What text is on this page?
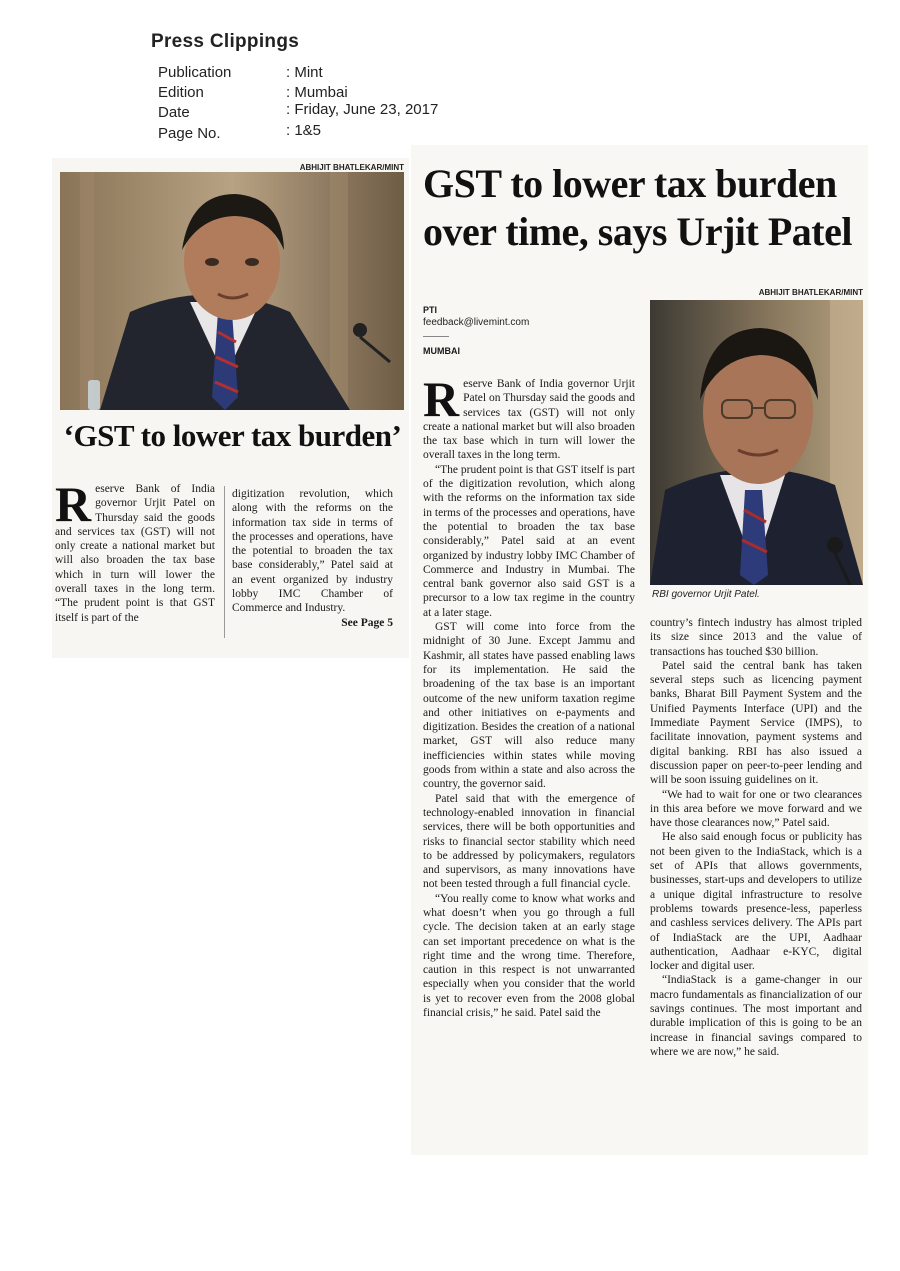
Press Clippings
Publication	: Mint
Edition	: Mumbai
Date	: Friday, June 23, 2017
Page No.	: 1&5
ABHIJIT BHATLEKAR/MINT
‘GST to lower tax burden’
R eserve Bank of India governor Urjit Patel on Thursday said the goods and services tax (GST) will not only create a national market but will also broaden the tax base which in turn will lower the overall taxes in the long term. “The prudent point is that GST itself is part of the
digitization revolution, which along with the reforms on the information tax side in terms of the processes and operations, have the potential to broaden the tax base considerably,” Patel said at an event organized by industry lobby IMC Chamber of Commerce and Industry.
See Page 5
GST to lower tax burden over time, says Urjit Patel
ABHIJIT BHATLEKAR/MINT
PTI
feedback@livemint.com
MUMBAI

Reserve Bank of India governor Urjit Patel on Thursday said the goods and services tax (GST) will not only create a national market but will also broaden the tax base which in turn will lower the overall taxes in the long term.

“The prudent point is that GST itself is part of the digitization revolution, which along with the reforms on the information tax side in terms of the processes and operations, have the potential to broaden the tax base considerably,” Patel said at an event organized by industry lobby IMC Chamber of Commerce and Industry in Mumbai. The central bank governor also said GST is a precursor to a low tax regime in the country at a later stage.

GST will come into force from the midnight of 30 June. Except Jammu and Kashmir, all states have passed enabling laws for its implementation. He said the broadening of the tax base is an important outcome of the new uniform taxation regime and other initiatives on e-payments and digitization. Besides the creation of a national market, GST will also reduce many inefficiencies within states while moving goods from within a state and also across the country, the governor said.

Patel said that with the emergence of technology-enabled innovation in financial services, there will be both opportunities and risks to financial sector stability which need to be addressed by policymakers, regulators and supervisors, as many innovations have not been tested through a full financial cycle.

“You really come to know what works and what doesn’t when you go through a full cycle. The decision taken at an early stage can set important precedence on what is the right time and the wrong time. Therefore, caution in this respect is not unwarranted especially when you consider that the world is yet to recover even from the 2008 global financial crisis,” he said. Patel said the

RBI governor Urjit Patel.

country’s fintech industry has almost tripled its size since 2013 and the value of transactions has touched $30 billion.

Patel said the central bank has taken several steps such as licencing payment banks, Bharat Bill Payment System and the Unified Payments Interface (UPI) and the Immediate Payment Service (IMPS), to facilitate innovation, payment systems and digital banking. RBI has also issued a discussion paper on peer-to-peer lending and will be soon issuing guidelines on it.

“We had to wait for one or two clearances in this area before we move forward and we have those clearances now,” Patel said.

He also said enough focus or publicity has not been given to the IndiaStack, which is a set of APIs that allows governments, businesses, start-ups and developers to utilize a unique digital infrastructure to resolve problems towards presence-less, paperless and cashless services delivery. The APIs part of IndiaStack are the UPI, Aadhaar authentication, Aadhaar e-KYC, digital locker and digital user.

“IndiaStack is a game-changer in our macro fundamentals as financialization of our savings continues. The most important and durable implication of this is going to be an increase in financial savings compared to where we are now,” he said.
